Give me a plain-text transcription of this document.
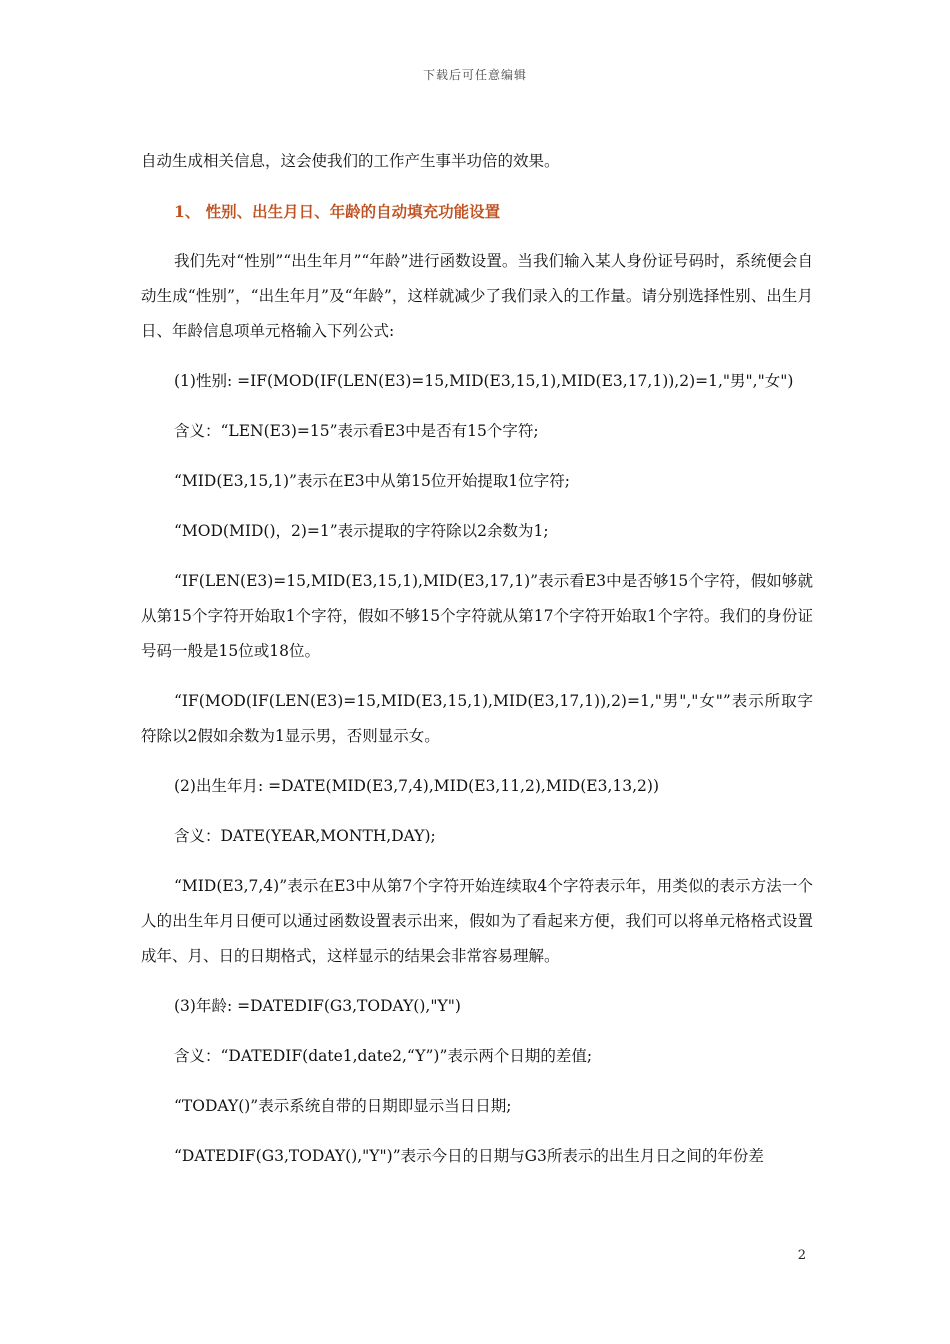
下载后可任意编辑

自动生成相关信息，这会使我们的工作产生事半功倍的效果。

1、 性别、出生月日、年龄的自动填充功能设置

我们先对“性别”“出生年月”“年龄”进行函数设置。当我们输入某人身份证号码时，系统便会自动生成“性别”，“出生年月”及“年龄”，这样就减少了我们录入的工作量。请分别选择性别、出生月日、年龄信息项单元格输入下列公式:

(1)性别: =IF(MOD(IF(LEN(E3)=15,MID(E3,15,1),MID(E3,17,1)),2)=1,"男","女")

含义：“LEN(E3)=15”表示看E3中是否有15个字符;

“MID(E3,15,1)”表示在E3中从第15位开始提取1位字符;

“MOD(MID()，2)=1”表示提取的字符除以2余数为1;

“IF(LEN(E3)=15,MID(E3,15,1),MID(E3,17,1)”表示看E3中是否够15个字符，假如够就从第15个字符开始取1个字符，假如不够15个字符就从第17个字符开始取1个字符。我们的身份证号码一般是15位或18位。

“IF(MOD(IF(LEN(E3)=15,MID(E3,15,1),MID(E3,17,1)),2)=1,"男","女"”表示所取字符除以2假如余数为1显示男，否则显示女。

(2)出生年月: =DATE(MID(E3,7,4),MID(E3,11,2),MID(E3,13,2))

含义：DATE(YEAR,MONTH,DAY);

“MID(E3,7,4)”表示在E3中从第7个字符开始连续取4个字符表示年，用类似的表示方法一个人的出生年月日便可以通过函数设置表示出来，假如为了看起来方便，我们可以将单元格格式设置成年、月、日的日期格式，这样显示的结果会非常容易理解。

(3)年龄: =DATEDIF(G3,TODAY(),"Y")

含义：“DATEDIF(date1,date2,“Y”)”表示两个日期的差值;

“TODAY()”表示系统自带的日期即显示当日日期;

“DATEDIF(G3,TODAY(),"Y")”表示今日的日期与G3所表示的出生月日之间的年份差

2
